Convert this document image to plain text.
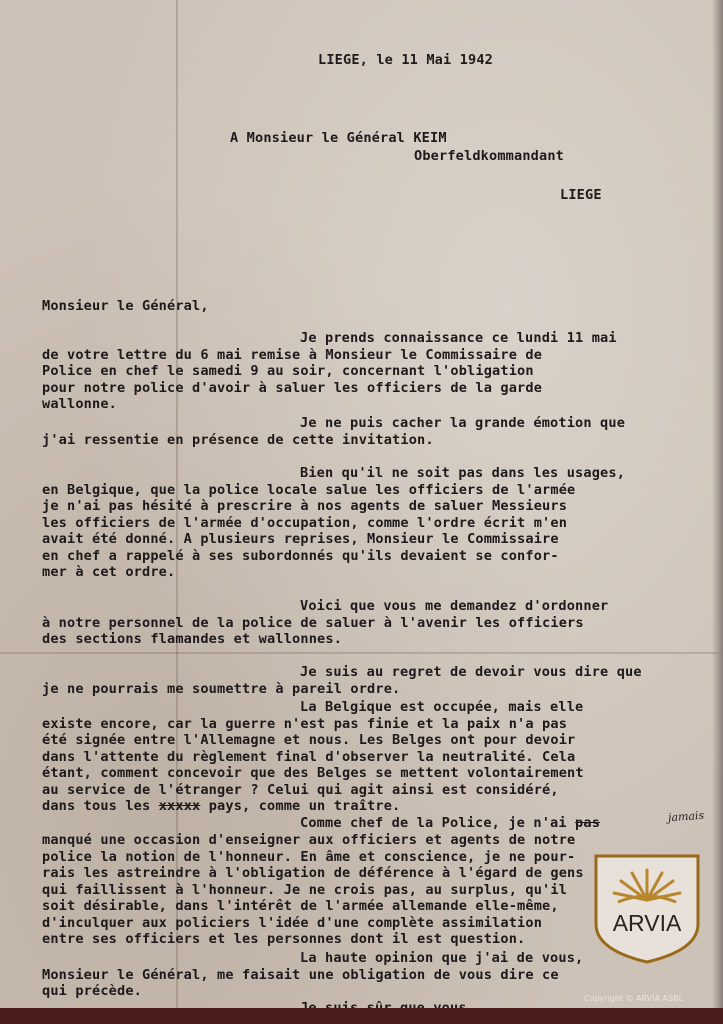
LIEGE, le 11 Mai 1942

A Monsieur le Général KEIM

Oberfeldkommandant

LIEGE

Monsieur le Général,

Je prends connaissance ce lundi 11 mai
de votre lettre du 6 mai remise à Monsieur le Commissaire de
Police en chef le samedi 9 au soir, concernant l'obligation
pour notre police d'avoir à saluer les officiers de la garde
wallonne.
Je ne puis cacher la grande émotion que
j'ai ressentie en présence de cette invitation.
Bien qu'il ne soit pas dans les usages,
en Belgique, que la police locale salue les officiers de l'armée
je n'ai pas hésité à prescrire à nos agents de saluer Messieurs
les officiers de l'armée d'occupation, comme l'ordre écrit m'en
avait été donné. A plusieurs reprises, Monsieur le Commissaire
en chef a rappelé à ses subordonnés qu'ils devaient se confor-
mer à cet ordre.
Voici que vous me demandez d'ordonner
à notre personnel de la police de saluer à l'avenir les officiers
des sections flamandes et wallonnes.
Je suis au regret de devoir vous dire que
je ne pourrais me soumettre à pareil ordre.
La Belgique est occupée, mais elle
existe encore, car la guerre n'est pas finie et la paix n'a pas
été signée entre l'Allemagne et nous. Les Belges ont pour devoir
dans l'attente du règlement final d'observer la neutralité. Cela
étant, comment concevoir que des Belges se mettent volontairement
au service de l'étranger ? Celui qui agit ainsi est considéré,

dans tous les xxxxx pays, comme un traître.

Comme chef de la Police, je n'ai pas	jamais
manqué une occasion d'enseigner aux officiers et agents de notre
police la notion de l'honneur. En âme et conscience, je ne pour-
rais les astreindre à l'obligation de déférence à l'égard de gens
qui faillissent à l'honneur. Je ne crois pas, au surplus, qu'il
soit désirable, dans l'intérêt de l'armée allemande elle-même,
d'inculquer aux policiers l'idée d'une complète assimilation
entre ses officiers et les personnes dont il est question.
La haute opinion que j'ai de vous,
Monsieur le Général, me faisait une obligation de vous dire ce
qui précède.

ARVIA
Copyright © ARVIA ASBL
